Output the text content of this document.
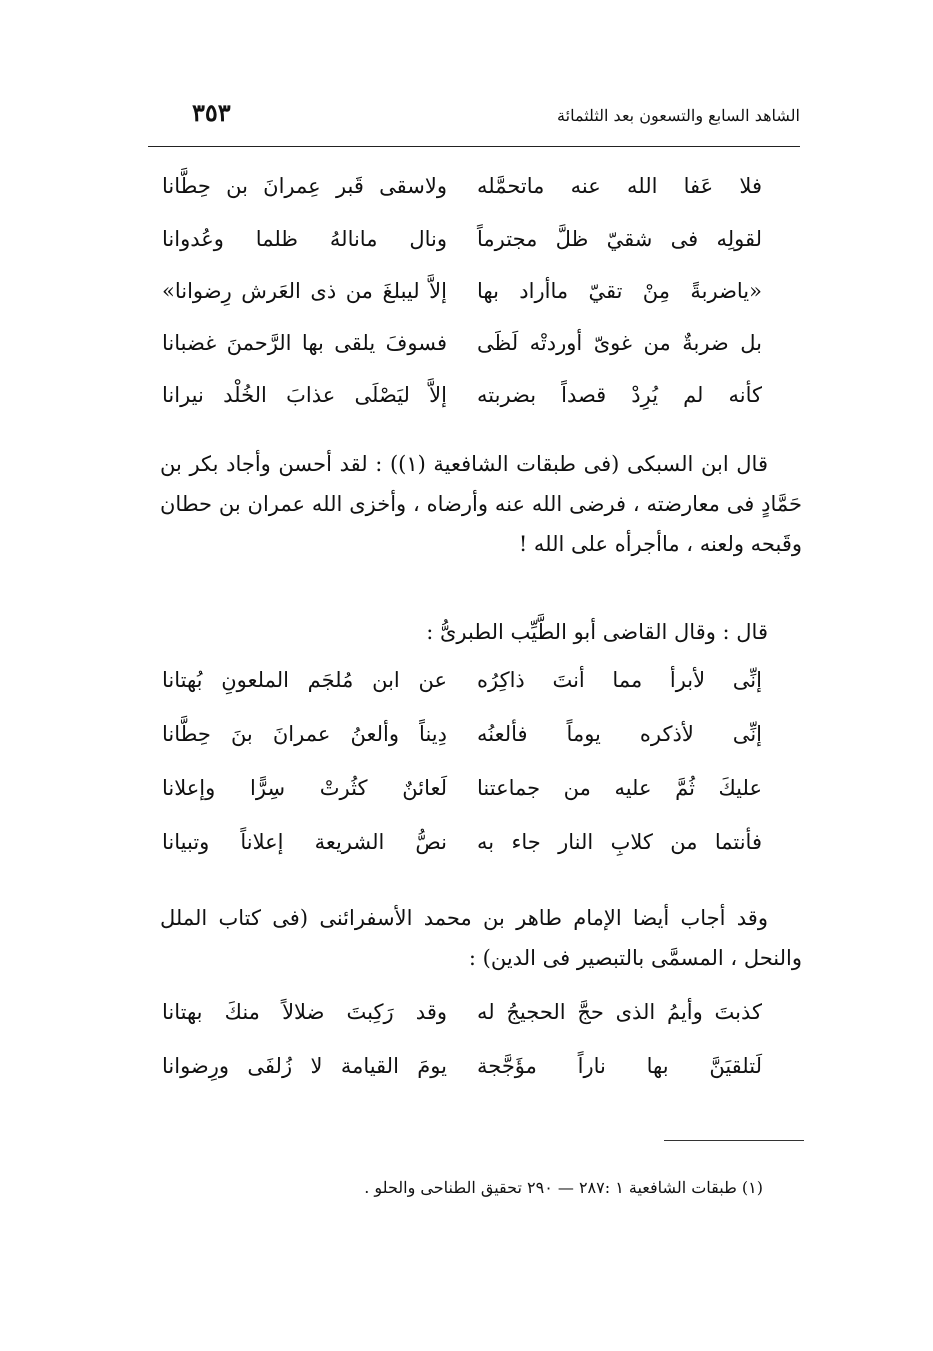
الشاهد السابع والتسعون بعد الثلثمائة
٣٥٣
فلا عَفا الله عنه ماتحمَّله
ولاسقى قَبر عِمرانَ بن حِطَّانا
لقولِه فى شقيّ ظلَّ مجترماً
ونال مانالهُ ظلما وعُدوانا
«ياضربةً مِنْ تقيّ ماأراد بها
إلاَّ ليبلغَ من ذى العَرش رِضوانا»
بل ضربةٌ من غوىّ أوردتْه لَظَى
فسوفَ يلقى بها الرَّحمنَ غضبانا
كأنه لم يُرِدْ قصداً بضربته
إلاَّ ليَصْلَى عذابَ الخُلْد نيرانا
قال ابن السبكى (فى طبقات الشافعية (١)) : لقد أحسن وأجاد بكر بن حَمَّادٍ فى معارضته ، فرضى الله عنه وأرضاه ، وأخزى الله عمران بن حطان وقَبحه ولعنه ، ماأجرأه على الله !
قال : وقال القاضى أبو الطَّيِّب الطبرىُّ :
إنِّى لأبرأ مما أنتَ ذاكِرُه
عن ابن مُلجَم الملعونِ بُهتانا
إنِّى لأذكره يوماً فألعنُه
دِيناً وألعنُ عمرانَ بنَ حِطَّانا
عليكَ ثُمَّ عليه من جماعتنا
لَعائنٌ كثُرتْ سِرًّا وإعلانا
فأنتما من كلابِ النار جاء به
نصُّ الشريعة إعلاناً وتبيانا
وقد أجاب أيضا الإمام طاهر بن محمد الأسفرائنى (فى كتاب الملل والنحل ، المسمَّى بالتبصير فى الدين) :
كذبتَ وأيمُ الذى حجَّ الحجيجُ له
وقد رَكِبتَ ضلالاً منكَ بهتانا
لَتلقيَنَّ بها ناراً مؤَجَّجة
يومَ القيامة لا زُلفَى ورِضوانا
(١) طبقات الشافعية ١ :٢٨٧ — ٢٩٠ تحقيق الطناحى والحلو .
